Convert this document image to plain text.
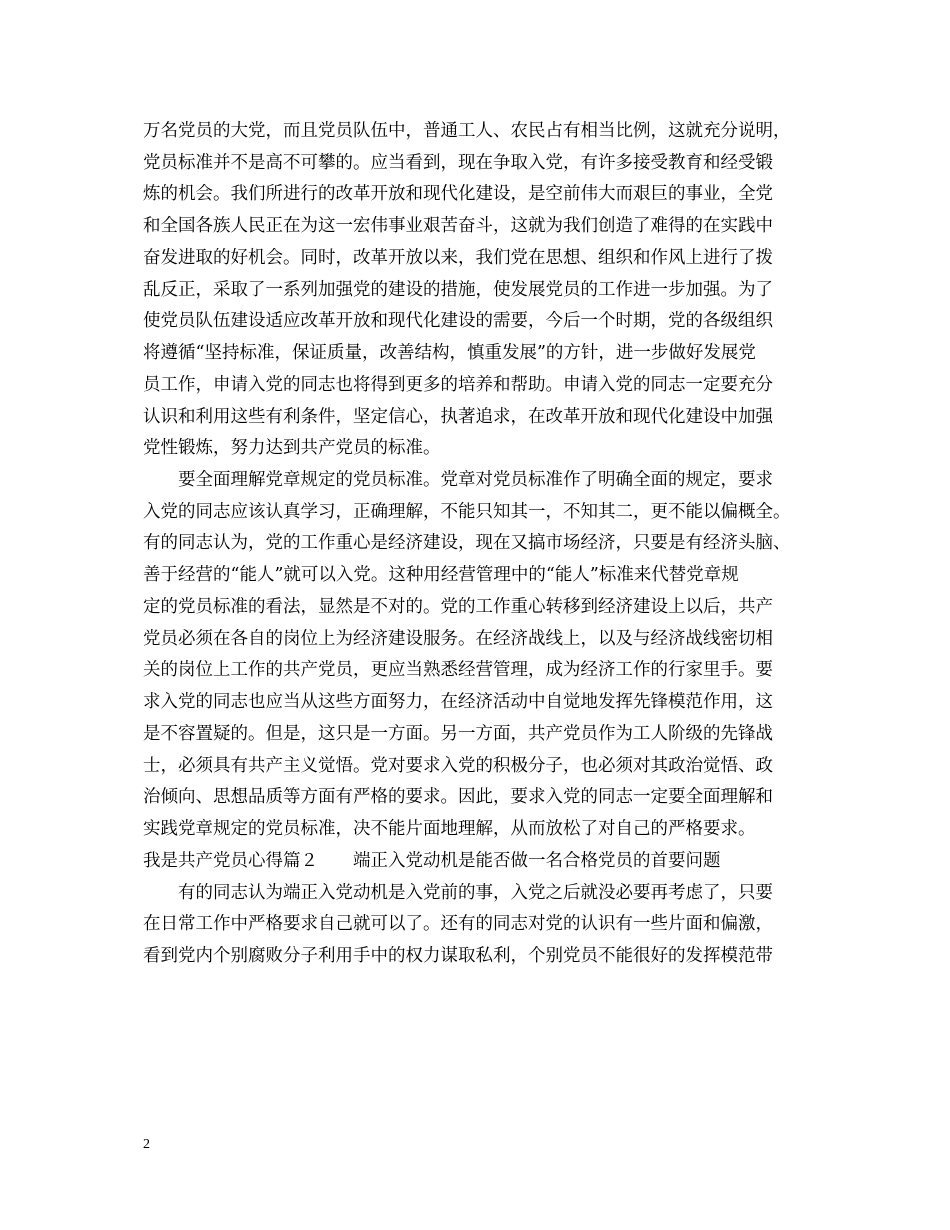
万名党员的大党，而且党员队伍中，普通工人、农民占有相当比例，这就充分说明，
党员标准并不是高不可攀的。应当看到，现在争取入党，有许多接受教育和经受锻
炼的机会。我们所进行的改革开放和现代化建设，是空前伟大而艰巨的事业，全党
和全国各族人民正在为这一宏伟事业艰苦奋斗，这就为我们创造了难得的在实践中
奋发进取的好机会。同时，改革开放以来，我们党在思想、组织和作风上进行了拨
乱反正，采取了一系列加强党的建设的措施，使发展党员的工作进一步加强。为了
使党员队伍建设适应改革开放和现代化建设的需要，今后一个时期，党的各级组织
将遵循“坚持标准，保证质量，改善结构，慎重发展”的方针，进一步做好发展党
员工作，申请入党的同志也将得到更多的培养和帮助。申请入党的同志一定要充分
认识和利用这些有利条件，坚定信心，执著追求，在改革开放和现代化建设中加强
党性锻炼，努力达到共产党员的标准。
　　要全面理解党章规定的党员标准。党章对党员标准作了明确全面的规定，要求
入党的同志应该认真学习，正确理解，不能只知其一，不知其二，更不能以偏概全。
有的同志认为，党的工作重心是经济建设，现在又搞市场经济，只要是有经济头脑、
善于经营的“能人”就可以入党。这种用经营管理中的“能人”标准来代替党章规
定的党员标准的看法，显然是不对的。党的工作重心转移到经济建设上以后，共产
党员必须在各自的岗位上为经济建设服务。在经济战线上，以及与经济战线密切相
关的岗位上工作的共产党员，更应当熟悉经营管理，成为经济工作的行家里手。要
求入党的同志也应当从这些方面努力，在经济活动中自觉地发挥先锋模范作用，这
是不容置疑的。但是，这只是一方面。另一方面，共产党员作为工人阶级的先锋战
士，必须具有共产主义觉悟。党对要求入党的积极分子，也必须对其政治觉悟、政
治倾向、思想品质等方面有严格的要求。因此，要求入党的同志一定要全面理解和
实践党章规定的党员标准，决不能片面地理解，从而放松了对自己的严格要求。
我是共产党员心得篇２　　端正入党动机是能否做一名合格党员的首要问题
　　有的同志认为端正入党动机是入党前的事，入党之后就没必要再考虑了，只要
在日常工作中严格要求自己就可以了。还有的同志对党的认识有一些片面和偏激，
看到党内个别腐败分子利用手中的权力谋取私利，个别党员不能很好的发挥模范带
2
